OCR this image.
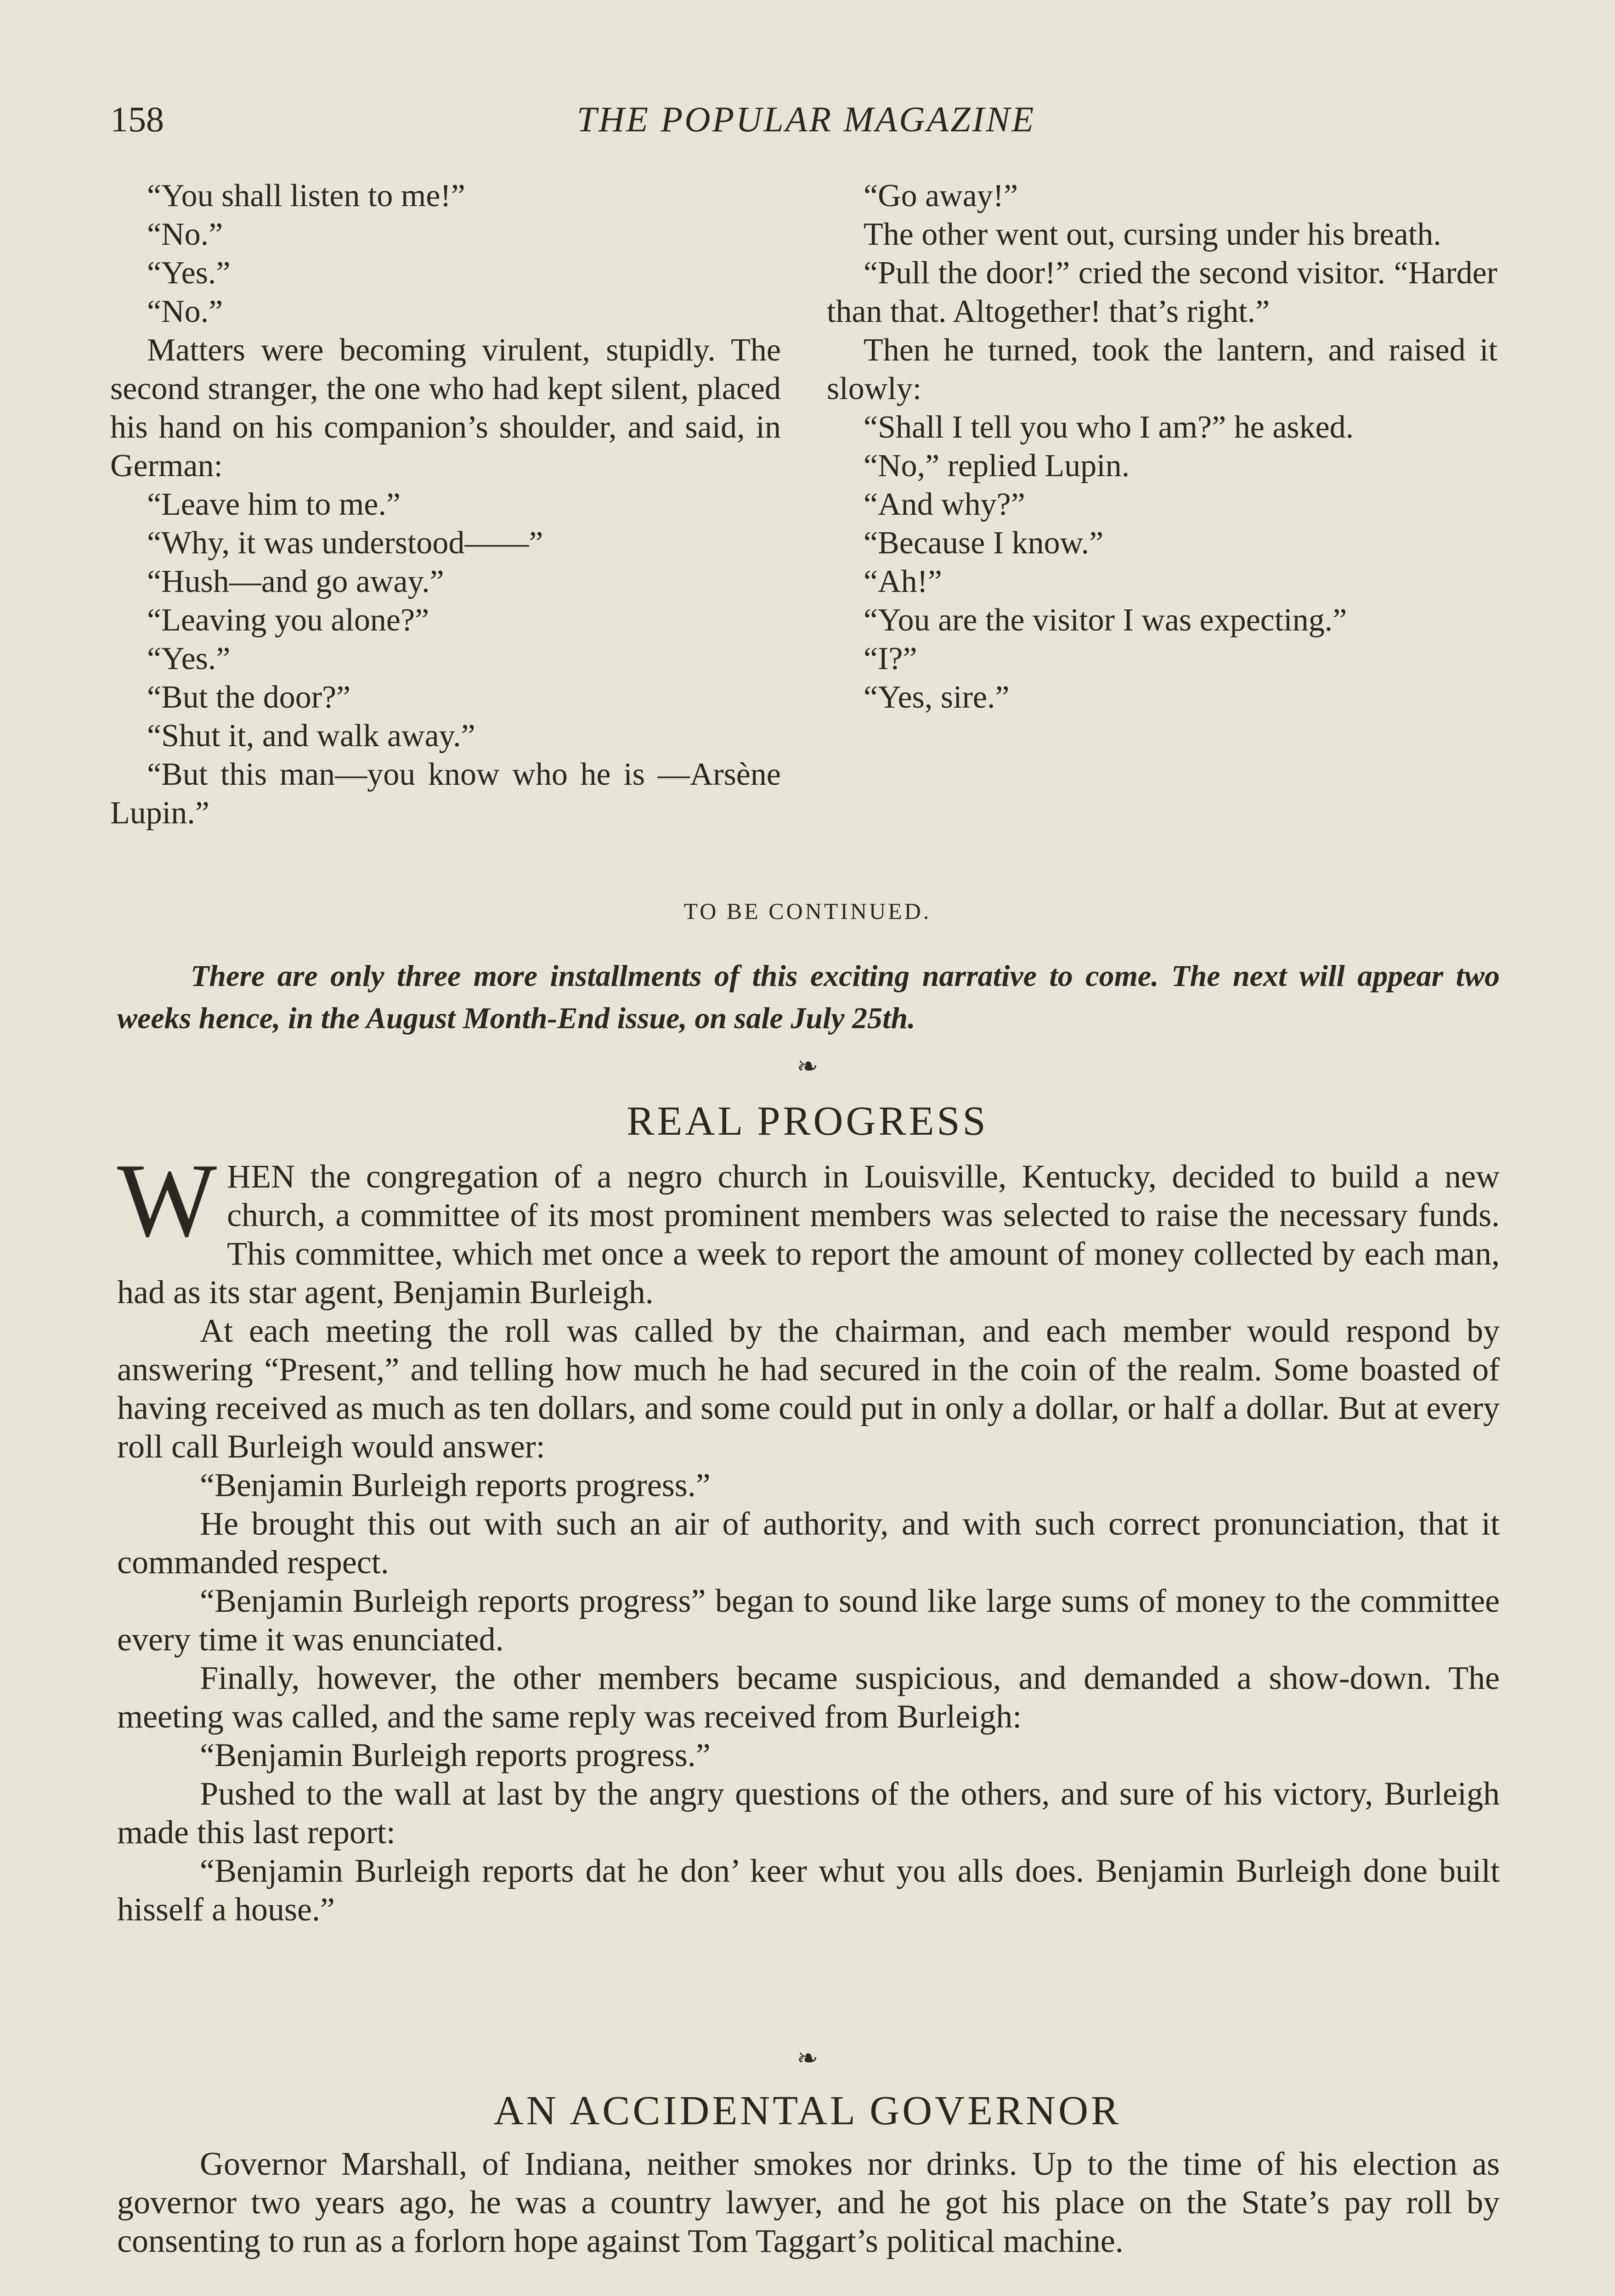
158	THE POPULAR MAGAZINE

“You shall listen to me!”

“No.”

“Yes.”

“No.”

Matters were becoming virulent, stupidly. The second stranger, the one who had kept silent, placed his hand on his companion’s shoulder, and said, in German:

“Leave him to me.”

“Why, it was understood——”

“Hush—and go away.”

“Leaving you alone?”

“Yes.”

“But the door?”

“Shut it, and walk away.”

“But this man—you know who he is —Arsène Lupin.”

“Go away!”

The other went out, cursing under his breath.

“Pull the door!” cried the second visitor. “Harder than that. Altogether! that’s right.”

Then he turned, took the lantern, and raised it slowly:

“Shall I tell you who I am?” he asked.

“No,” replied Lupin.

“And why?”

“Because I know.”

“Ah!”

“You are the visitor I was expecting.”

“I?”

“Yes, sire.”

TO BE CONTINUED.

There are only three more installments of this exciting narrative to come. The next will appear two weeks hence, in the August Month-End issue, on sale July 25th.

❧
REAL PROGRESS

WHEN the congregation of a negro church in Louisville, Kentucky, decided to build a new church, a committee of its most prominent members was selected to raise the necessary funds. This committee, which met once a week to report the amount of money collected by each man, had as its star agent, Benjamin Burleigh.

At each meeting the roll was called by the chairman, and each member would respond by answering “Present,” and telling how much he had secured in the coin of the realm. Some boasted of having received as much as ten dollars, and some could put in only a dollar, or half a dollar. But at every roll call Burleigh would answer:

“Benjamin Burleigh reports progress.”

He brought this out with such an air of authority, and with such correct pronunciation, that it commanded respect.

“Benjamin Burleigh reports progress” began to sound like large sums of money to the committee every time it was enunciated.

Finally, however, the other members became suspicious, and demanded a show-down. The meeting was called, and the same reply was received from Burleigh:

“Benjamin Burleigh reports progress.”

Pushed to the wall at last by the angry questions of the others, and sure of his victory, Burleigh made this last report:

“Benjamin Burleigh reports dat he don’ keer whut you alls does. Benjamin Burleigh done built hisself a house.”

❧
AN ACCIDENTAL GOVERNOR

Governor Marshall, of Indiana, neither smokes nor drinks. Up to the time of his election as governor two years ago, he was a country lawyer, and he got his place on the State’s pay roll by consenting to run as a forlorn hope against Tom Taggart’s political machine.
